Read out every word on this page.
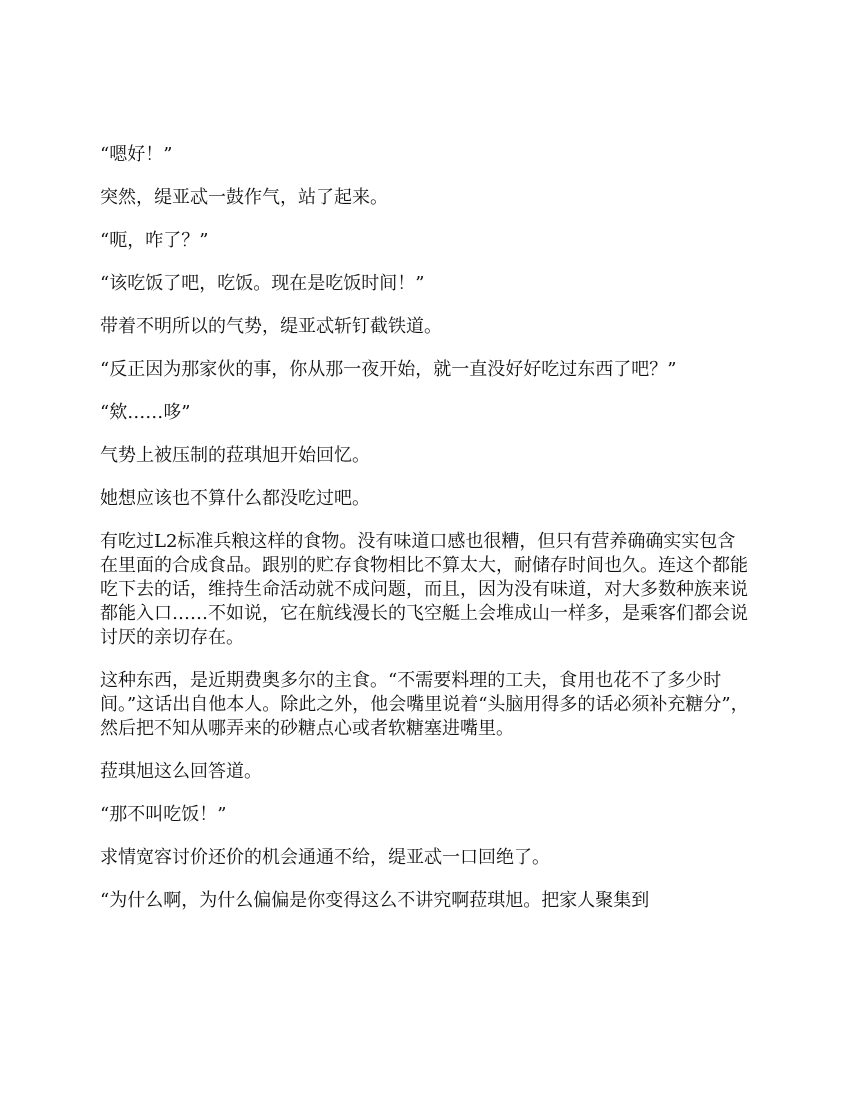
“嗯好！”

突然，缇亚忒一鼓作气，站了起来。

“呃，咋了？”

“该吃饭了吧，吃饭。现在是吃饭时间！”

带着不明所以的气势，缇亚忒斩钉截铁道。

“反正因为那家伙的事，你从那一夜开始，就一直没好好吃过东西了吧？”

“欸……哆”

气势上被压制的菈琪旭开始回忆。

她想应该也不算什么都没吃过吧。

有吃过L2标准兵粮这样的食物。没有味道口感也很糟，但只有营养确确实实包含在里面的合成食品。跟别的贮存食物相比不算太大，耐储存时间也久。连这个都能吃下去的话，维持生命活动就不成问题，而且，因为没有味道，对大多数种族来说都能入口……不如说，它在航线漫长的飞空艇上会堆成山一样多，是乘客们都会说讨厌的亲切存在。

这种东西，是近期费奥多尔的主食。“不需要料理的工夫，食用也花不了多少时间。”这话出自他本人。除此之外，他会嘴里说着“头脑用得多的话必须补充糖分”，然后把不知从哪弄来的砂糖点心或者软糖塞进嘴里。

菈琪旭这么回答道。

“那不叫吃饭！”

求情宽容讨价还价的机会通通不给，缇亚忒一口回绝了。

“为什么啊，为什么偏偏是你变得这么不讲究啊菈琪旭。把家人聚集到
